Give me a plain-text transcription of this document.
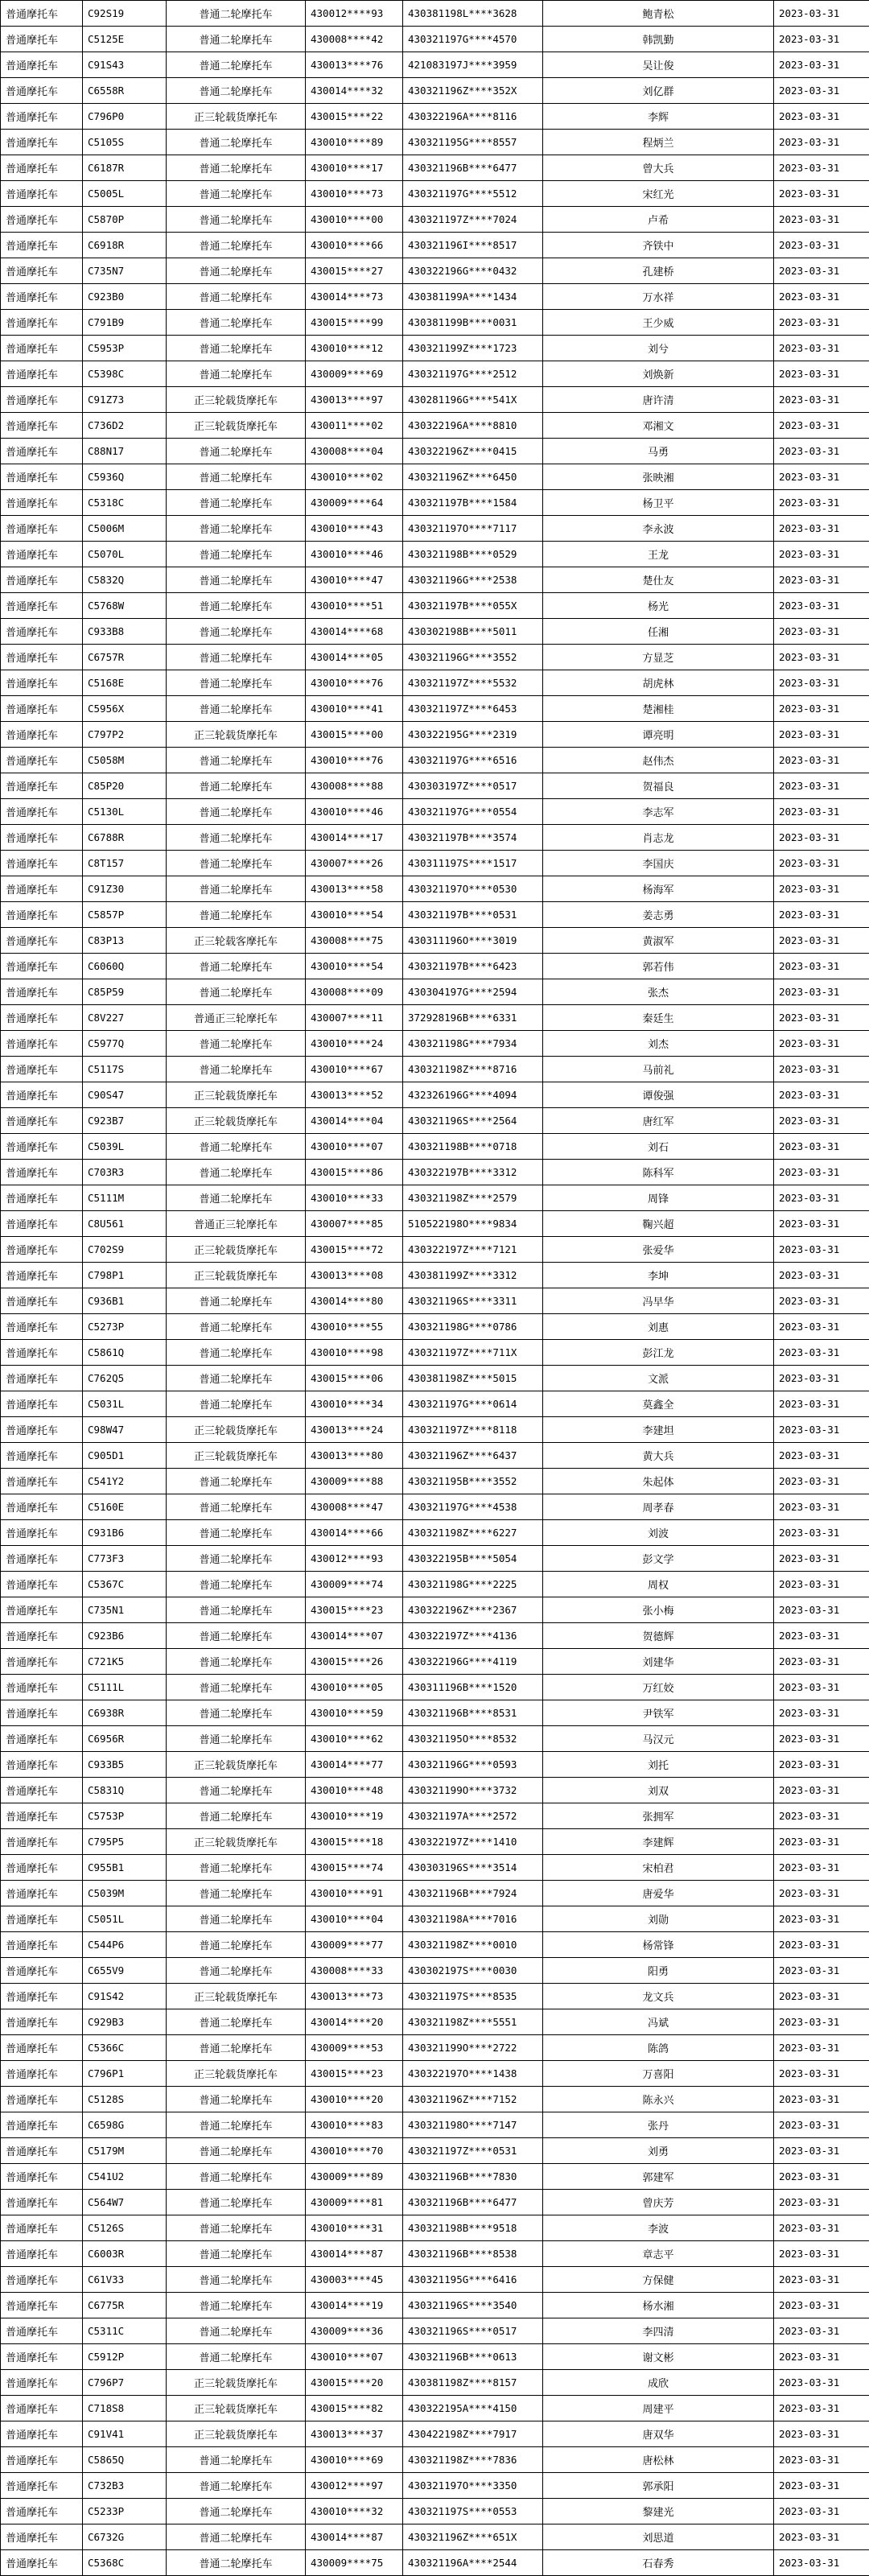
普通摩托车	C92S19	普通二轮摩托车	430012****93	430381198L****3628	鲍青松	2023-03-31
普通摩托车	C5125E	普通二轮摩托车	430008****42	430321197G****4570	韩凯勤	2023-03-31
普通摩托车	C91S43	普通二轮摩托车	430013****76	421083197J****3959	吴让俊	2023-03-31
普通摩托车	C6558R	普通二轮摩托车	430014****32	430321196Z****352X	刘亿群	2023-03-31
普通摩托车	C796P0	正三轮载货摩托车	430015****22	430322196A****8116	李辉	2023-03-31
普通摩托车	C5105S	普通二轮摩托车	430010****89	430321195G****8557	程炳兰	2023-03-31
普通摩托车	C6187R	普通二轮摩托车	430010****17	430321196B****6477	曾大兵	2023-03-31
普通摩托车	C5005L	普通二轮摩托车	430010****73	430321197G****5512	宋红光	2023-03-31
普通摩托车	C5870P	普通二轮摩托车	430010****00	430321197Z****7024	卢希	2023-03-31
普通摩托车	C6918R	普通二轮摩托车	430010****66	430321196I****8517	齐铁中	2023-03-31
普通摩托车	C735N7	普通二轮摩托车	430015****27	430322196G****0432	孔建桥	2023-03-31
普通摩托车	C923B0	普通二轮摩托车	430014****73	430381199A****1434	万水祥	2023-03-31
普通摩托车	C791B9	普通二轮摩托车	430015****99	430381199B****0031	王少威	2023-03-31
普通摩托车	C5953P	普通二轮摩托车	430010****12	430321199Z****1723	刘兮	2023-03-31
普通摩托车	C5398C	普通二轮摩托车	430009****69	430321197G****2512	刘焕新	2023-03-31
普通摩托车	C91Z73	正三轮载货摩托车	430013****97	430281196G****541X	唐许清	2023-03-31
普通摩托车	C736D2	正三轮载货摩托车	430011****02	430322196A****8810	邓湘文	2023-03-31
普通摩托车	C88N17	普通二轮摩托车	430008****04	430322196Z****0415	马勇	2023-03-31
普通摩托车	C5936Q	普通二轮摩托车	430010****02	430321196Z****6450	张映湘	2023-03-31
普通摩托车	C5318C	普通二轮摩托车	430009****64	430321197B****1584	杨卫平	2023-03-31
普通摩托车	C5006M	普通二轮摩托车	430010****43	430321197O****7117	李永波	2023-03-31
普通摩托车	C5070L	普通二轮摩托车	430010****46	430321198B****0529	王龙	2023-03-31
普通摩托车	C5832Q	普通二轮摩托车	430010****47	430321196G****2538	楚仕友	2023-03-31
普通摩托车	C5768W	普通二轮摩托车	430010****51	430321197B****055X	杨光	2023-03-31
普通摩托车	C933B8	普通二轮摩托车	430014****68	430302198B****5011	任湘	2023-03-31
普通摩托车	C6757R	普通二轮摩托车	430014****05	430321196G****3552	方显芝	2023-03-31
普通摩托车	C5168E	普通二轮摩托车	430010****76	430321197Z****5532	胡虎林	2023-03-31
普通摩托车	C5956X	普通二轮摩托车	430010****41	430321197Z****6453	楚湘桂	2023-03-31
普通摩托车	C797P2	正三轮载货摩托车	430015****00	430322195G****2319	谭亮明	2023-03-31
普通摩托车	C5058M	普通二轮摩托车	430010****76	430321197G****6516	赵伟杰	2023-03-31
普通摩托车	C85P20	普通二轮摩托车	430008****88	430303197Z****0517	贺福良	2023-03-31
普通摩托车	C5130L	普通二轮摩托车	430010****46	430321197G****0554	李志军	2023-03-31
普通摩托车	C6788R	普通二轮摩托车	430014****17	430321197B****3574	肖志龙	2023-03-31
普通摩托车	C8T157	普通二轮摩托车	430007****26	430311197S****1517	李国庆	2023-03-31
普通摩托车	C91Z30	普通二轮摩托车	430013****58	430321197O****0530	杨海军	2023-03-31
普通摩托车	C5857P	普通二轮摩托车	430010****54	430321197B****0531	姜志勇	2023-03-31
普通摩托车	C83P13	正三轮载客摩托车	430008****75	430311196O****3019	黄淑军	2023-03-31
普通摩托车	C6060Q	普通二轮摩托车	430010****54	430321197B****6423	郭若伟	2023-03-31
普通摩托车	C85P59	普通二轮摩托车	430008****09	430304197G****2594	张杰	2023-03-31
普通摩托车	C8V227	普通正三轮摩托车	430007****11	372928196B****6331	秦廷生	2023-03-31
普通摩托车	C5977Q	普通二轮摩托车	430010****24	430321198G****7934	刘杰	2023-03-31
普通摩托车	C5117S	普通二轮摩托车	430010****67	430321198Z****8716	马前礼	2023-03-31
普通摩托车	C90S47	正三轮载货摩托车	430013****52	432326196G****4094	谭俊强	2023-03-31
普通摩托车	C923B7	正三轮载货摩托车	430014****04	430321196S****2564	唐红军	2023-03-31
普通摩托车	C5039L	普通二轮摩托车	430010****07	430321198B****0718	刘石	2023-03-31
普通摩托车	C703R3	普通二轮摩托车	430015****86	430322197B****3312	陈科军	2023-03-31
普通摩托车	C5111M	普通二轮摩托车	430010****33	430321198Z****2579	周锋	2023-03-31
普通摩托车	C8U561	普通正三轮摩托车	430007****85	510522198O****9834	鞠兴超	2023-03-31
普通摩托车	C702S9	正三轮载货摩托车	430015****72	430322197Z****7121	张爱华	2023-03-31
普通摩托车	C798P1	正三轮载货摩托车	430013****08	430381199Z****3312	李坤	2023-03-31
普通摩托车	C936B1	普通二轮摩托车	430014****80	430321196S****3311	冯早华	2023-03-31
普通摩托车	C5273P	普通二轮摩托车	430010****55	430321198G****0786	刘惠	2023-03-31
普通摩托车	C5861Q	普通二轮摩托车	430010****98	430321197Z****711X	彭江龙	2023-03-31
普通摩托车	C762Q5	普通二轮摩托车	430015****06	430381198Z****5015	文派	2023-03-31
普通摩托车	C5031L	普通二轮摩托车	430010****34	430321197G****0614	莫鑫全	2023-03-31
普通摩托车	C98W47	正三轮载货摩托车	430013****24	430321197Z****8118	李建坦	2023-03-31
普通摩托车	C905D1	正三轮载货摩托车	430013****80	430321196Z****6437	黄大兵	2023-03-31
普通摩托车	C541Y2	普通二轮摩托车	430009****88	430321195B****3552	朱起体	2023-03-31
普通摩托车	C5160E	普通二轮摩托车	430008****47	430321197G****4538	周孝春	2023-03-31
普通摩托车	C931B6	普通二轮摩托车	430014****66	430321198Z****6227	刘波	2023-03-31
普通摩托车	C773F3	普通二轮摩托车	430012****93	430322195B****5054	彭文学	2023-03-31
普通摩托车	C5367C	普通二轮摩托车	430009****74	430321198G****2225	周权	2023-03-31
普通摩托车	C735N1	普通二轮摩托车	430015****23	430322196Z****2367	张小梅	2023-03-31
普通摩托车	C923B6	普通二轮摩托车	430014****07	430322197Z****4136	贺德辉	2023-03-31
普通摩托车	C721K5	普通二轮摩托车	430015****26	430322196G****4119	刘建华	2023-03-31
普通摩托车	C5111L	普通二轮摩托车	430010****05	430311196B****1520	万红姣	2023-03-31
普通摩托车	C6938R	普通二轮摩托车	430010****59	430321196B****8531	尹铁军	2023-03-31
普通摩托车	C6956R	普通二轮摩托车	430010****62	430321195O****8532	马汉元	2023-03-31
普通摩托车	C933B5	正三轮载货摩托车	430014****77	430321196G****0593	刘托	2023-03-31
普通摩托车	C5831Q	普通二轮摩托车	430010****48	430321199O****3732	刘双	2023-03-31
普通摩托车	C5753P	普通二轮摩托车	430010****19	430321197A****2572	张拥军	2023-03-31
普通摩托车	C795P5	正三轮载货摩托车	430015****18	430322197Z****1410	李建辉	2023-03-31
普通摩托车	C955B1	普通二轮摩托车	430015****74	430303196S****3514	宋柏君	2023-03-31
普通摩托车	C5039M	普通二轮摩托车	430010****91	430321196B****7924	唐爱华	2023-03-31
普通摩托车	C5051L	普通二轮摩托车	430010****04	430321198A****7016	刘勋	2023-03-31
普通摩托车	C544P6	普通二轮摩托车	430009****77	430321198Z****0010	杨常锋	2023-03-31
普通摩托车	C655V9	普通二轮摩托车	430008****33	430302197S****0030	阳勇	2023-03-31
普通摩托车	C91S42	正三轮载货摩托车	430013****73	430321197S****8535	龙文兵	2023-03-31
普通摩托车	C929B3	普通二轮摩托车	430014****20	430321198Z****5551	冯斌	2023-03-31
普通摩托车	C5366C	普通二轮摩托车	430009****53	430321199O****2722	陈鸽	2023-03-31
普通摩托车	C796P1	正三轮载货摩托车	430015****23	430322197O****1438	万喜阳	2023-03-31
普通摩托车	C5128S	普通二轮摩托车	430010****20	430321196Z****7152	陈永兴	2023-03-31
普通摩托车	C6598G	普通二轮摩托车	430010****83	430321198O****7147	张丹	2023-03-31
普通摩托车	C5179M	普通二轮摩托车	430010****70	430321197Z****0531	刘勇	2023-03-31
普通摩托车	C541U2	普通二轮摩托车	430009****89	430321196B****7830	郭建军	2023-03-31
普通摩托车	C564W7	普通二轮摩托车	430009****81	430321196B****6477	曾庆芳	2023-03-31
普通摩托车	C5126S	普通二轮摩托车	430010****31	430321198B****9518	李波	2023-03-31
普通摩托车	C6003R	普通二轮摩托车	430014****87	430321196B****8538	章志平	2023-03-31
普通摩托车	C61V33	普通二轮摩托车	430003****45	430321195G****6416	方保健	2023-03-31
普通摩托车	C6775R	普通二轮摩托车	430014****19	430321196S****3540	杨水湘	2023-03-31
普通摩托车	C5311C	普通二轮摩托车	430009****36	430321196S****0517	李四清	2023-03-31
普通摩托车	C5912P	普通二轮摩托车	430010****07	430321196B****0613	谢文彬	2023-03-31
普通摩托车	C796P7	正三轮载货摩托车	430015****20	430381198Z****8157	成欣	2023-03-31
普通摩托车	C718S8	正三轮载货摩托车	430015****82	430322195A****4150	周建平	2023-03-31
普通摩托车	C91V41	正三轮载货摩托车	430013****37	430422198Z****7917	唐双华	2023-03-31
普通摩托车	C5865Q	普通二轮摩托车	430010****69	430321198Z****7836	唐松林	2023-03-31
普通摩托车	C732B3	普通二轮摩托车	430012****97	430321197O****3350	郭承阳	2023-03-31
普通摩托车	C5233P	普通二轮摩托车	430010****32	430321197S****0553	黎建光	2023-03-31
普通摩托车	C6732G	普通二轮摩托车	430014****87	430321196Z****651X	刘思道	2023-03-31
普通摩托车	C5368C	普通二轮摩托车	430009****75	430321196A****2544	石春秀	2023-03-31
